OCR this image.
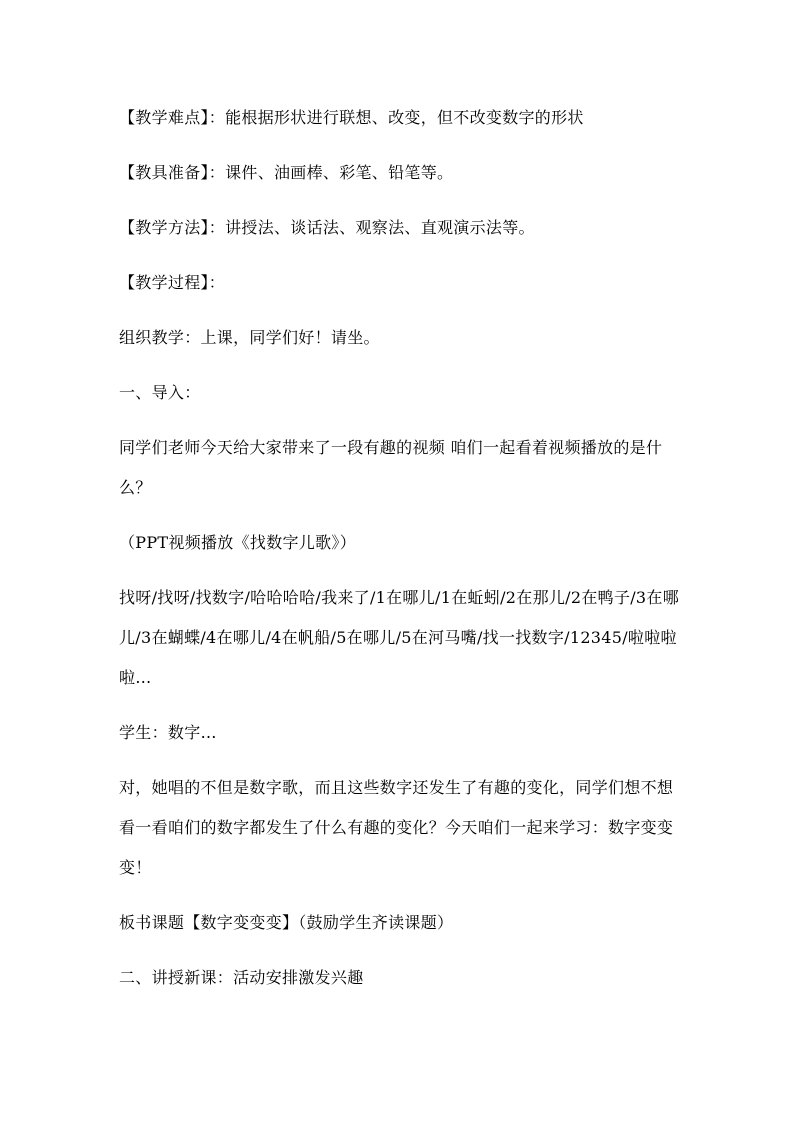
【教学难点】：能根据形状进行联想、改变，但不改变数字的形状

【教具准备】：课件、油画棒、彩笔、铅笔等。

【教学方法】：讲授法、谈话法、观察法、直观演示法等。

【教学过程】：

组织教学：上课，同学们好！请坐。

一、导入：

同学们老师今天给大家带来了一段有趣的视频 咱们一起看着视频播放的是什么？

（PPT视频播放《找数字儿歌》）

找呀/找呀/找数字/哈哈哈哈/我来了/1在哪儿/1在蚯蚓/2在那儿/2在鸭子/3在哪儿/3在蝴蝶/4在哪儿/4在帆船/5在哪儿/5在河马嘴/找一找数字/12345/啦啦啦啦…

学生：数字…

对，她唱的不但是数字歌，而且这些数字还发生了有趣的变化，同学们想不想看一看咱们的数字都发生了什么有趣的变化？今天咱们一起来学习：数字变变变！

板书课题【数字变变变】（鼓励学生齐读课题）

二、讲授新课：活动安排激发兴趣
